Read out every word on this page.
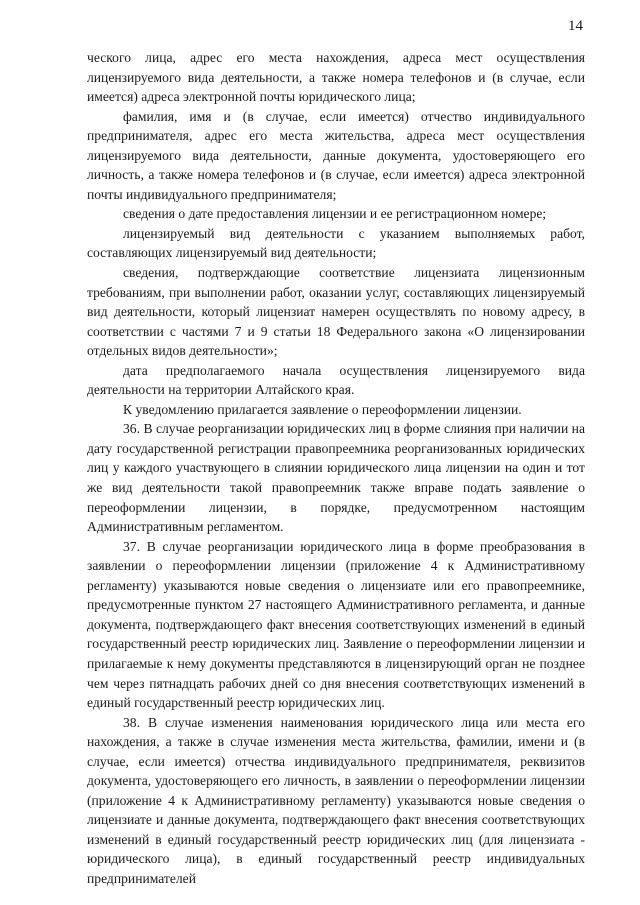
14

ческого лица, адрес его места нахождения, адреса мест осуществления лицензируемого вида деятельности, а также номера телефонов и (в случае, если имеется) адреса электронной почты юридического лица;

фамилия, имя и (в случае, если имеется) отчество индивидуального предпринимателя, адрес его места жительства, адреса мест осуществления лицензируемого вида деятельности, данные документа, удостоверяющего его личность, а также номера телефонов и (в случае, если имеется) адреса электронной почты индивидуального предпринимателя;

сведения о дате предоставления лицензии и ее регистрационном номере;

лицензируемый вид деятельности с указанием выполняемых работ, составляющих лицензируемый вид деятельности;

сведения, подтверждающие соответствие лицензиата лицензионным требованиям, при выполнении работ, оказании услуг, составляющих лицензируемый вид деятельности, который лицензиат намерен осуществлять по новому адресу, в соответствии с частями 7 и 9 статьи 18 Федерального закона «О лицензировании отдельных видов деятельности»;

дата предполагаемого начала осуществления лицензируемого вида деятельности на территории Алтайского края.

К уведомлению прилагается заявление о переоформлении лицензии.

36. В случае реорганизации юридических лиц в форме слияния при наличии на дату государственной регистрации правопреемника реорганизованных юридических лиц у каждого участвующего в слиянии юридического лица лицензии на один и тот же вид деятельности такой правопреемник также вправе подать заявление о переоформлении лицензии, в порядке, предусмотренном настоящим Административным регламентом.

37. В случае реорганизации юридического лица в форме преобразования в заявлении о переоформлении лицензии (приложение 4 к Административному регламенту) указываются новые сведения о лицензиате или его правопреемнике, предусмотренные пунктом 27 настоящего Административного регламента, и данные документа, подтверждающего факт внесения соответствующих изменений в единый государственный реестр юридических лиц. Заявление о переоформлении лицензии и прилагаемые к нему документы представляются в лицензирующий орган не позднее чем через пятнадцать рабочих дней со дня внесения соответствующих изменений в единый государственный реестр юридических лиц.

38. В случае изменения наименования юридического лица или места его нахождения, а также в случае изменения места жительства, фамилии, имени и (в случае, если имеется) отчества индивидуального предпринимателя, реквизитов документа, удостоверяющего его личность, в заявлении о переоформлении лицензии (приложение 4 к Административному регламенту) указываются новые сведения о лицензиате и данные документа, подтверждающего факт внесения соответствующих изменений в единый государственный реестр юридических лиц (для лицензиата - юридического лица), в единый государственный реестр индивидуальных предпринимателей
